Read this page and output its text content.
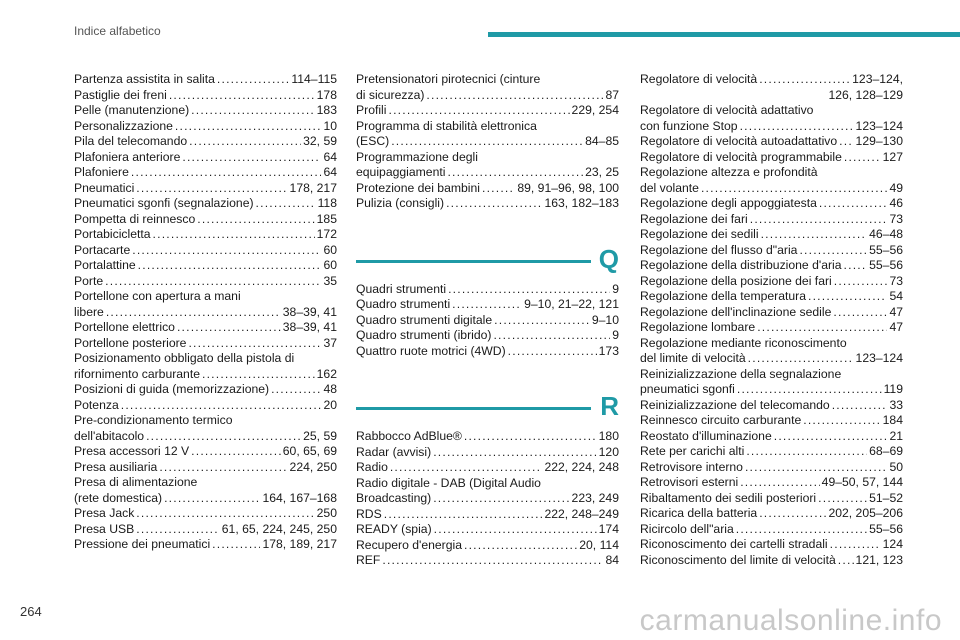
Indice alfabetico
Partenza assistita in salita .....	114–115
Pastiglie dei freni .....	178
Pelle (manutenzione) .....	183
Personalizzazione .....	10
Pila del telecomando .....	32, 59
Plafoniera anteriore .....	64
Plafoniere .....	64
Pneumatici .....	178, 217
Pneumatici sgonfi (segnalazione) .....	118
Pompetta di reinnesco .....	185
Portabicicletta .....	172
Portacarte .....	60
Portalattine .....	60
Porte .....	35
Portellone con apertura a mani
libere .....	38–39, 41
Portellone elettrico .....	38–39, 41
Portellone posteriore .....	37
Posizionamento obbligato della pistola di
rifornimento carburante .....	162
Posizioni di guida (memorizzazione) .....	48
Potenza .....	20
Pre-condizionamento termico
dell'abitacolo .....	25, 59
Presa accessori 12 V .....	60, 65, 69
Presa ausiliaria .....	224, 250
Presa di alimentazione
(rete domestica) .....	164, 167–168
Presa Jack .....	250
Presa USB .....	61, 65, 224, 245, 250
Pressione dei pneumatici .....	178, 189, 217
Pretensionatori pirotecnici (cinture
di sicurezza) .....	87
Profili .....	229, 254
Programma di stabilità elettronica
(ESC) .....	84–85
Programmazione degli
equipaggiamenti .....	23, 25
Protezione dei bambini .....	89, 91–96, 98, 100
Pulizia (consigli) .....	163, 182–183
Q
Quadri strumenti .....	9
Quadro strumenti .....	9–10, 21–22, 121
Quadro strumenti digitale .....	9–10
Quadro strumenti (ibrido) .....	9
Quattro ruote motrici (4WD) .....	173
R
Rabbocco AdBlue® .....	180
Radar (avvisi) .....	120
Radio .....	222, 224, 248
Radio digitale - DAB (Digital Audio
Broadcasting) .....	223, 249
RDS .....	222, 248–249
READY (spia) .....	174
Recupero d'energia .....	20, 114
REF .....	84
Regolatore di velocità .....	123–124,
126, 128–129
Regolatore di velocità adattativo
con funzione Stop .....	123–124
Regolatore di velocità autoadattativo ..... 129–130
Regolatore di velocità programmabile .....	127
Regolazione altezza e profondità
del volante .....	49
Regolazione degli appoggiatesta .....	46
Regolazione dei fari .....	73
Regolazione dei sedili .....	46–48
Regolazione del flusso d"aria .....	55–56
Regolazione della distribuzione d'aria ..... 55–56
Regolazione della posizione dei fari .....	73
Regolazione della temperatura .....	54
Regolazione dell'inclinazione sedile .....	47
Regolazione lombare .....	47
Regolazione mediante riconoscimento
del limite di velocità .....	123–124
Reinizializzazione della segnalazione
pneumatici sgonfi .....	119
Reinizializzazione del telecomando .....	33
Reinnesco circuito carburante .....	184
Reostato d'illuminazione .....	21
Rete per carichi alti .....	68–69
Retrovisore interno .....	50
Retrovisori esterni .....	49–50, 57, 144
Ribaltamento dei sedili posteriori .....	51–52
Ricarica della batteria .....	202, 205–206
Ricircolo dell"aria .....	55–56
Riconoscimento dei cartelli stradali .....	124
Riconoscimento del limite di velocità ..... 121, 123
264	carmanualsonline.info
